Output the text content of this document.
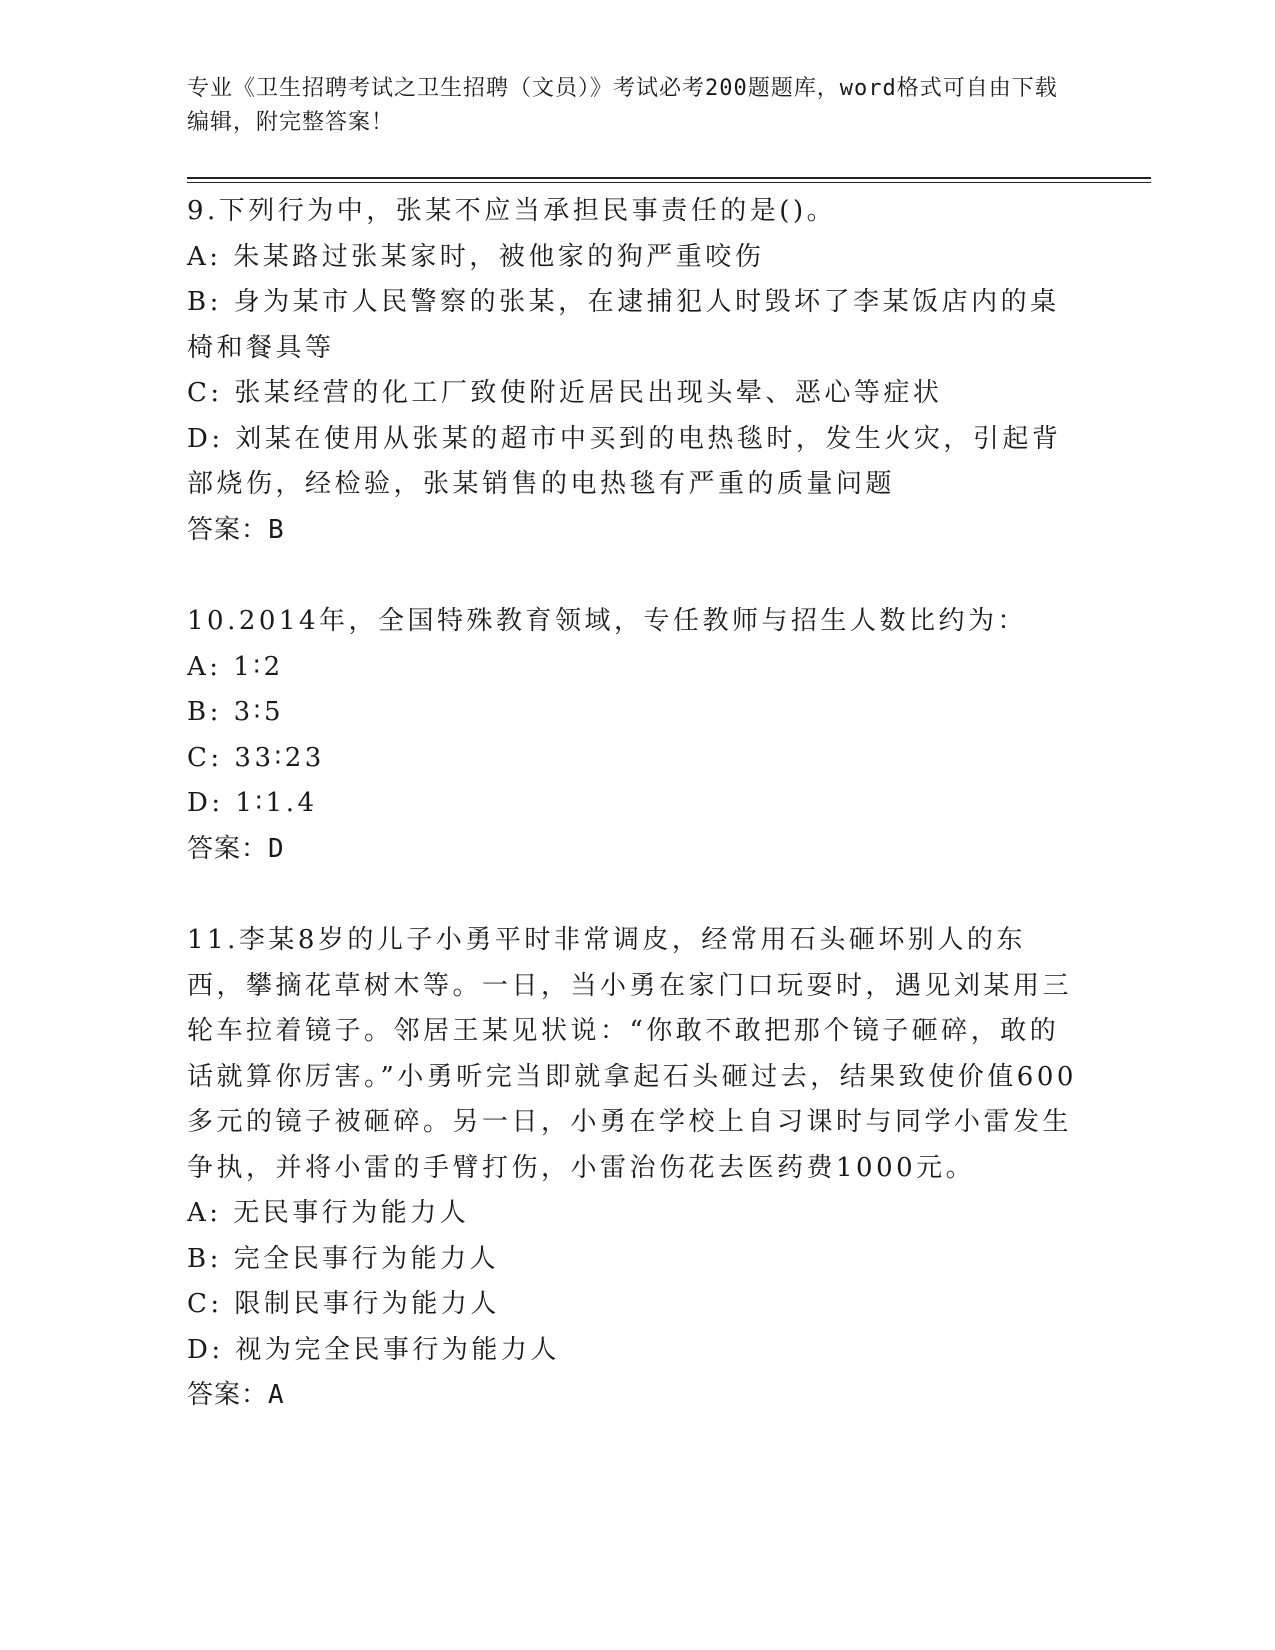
专业《卫生招聘考试之卫生招聘（文员）》考试必考200题题库，word格式可自由下载编辑，附完整答案！
9.下列行为中，张某不应当承担民事责任的是()。
A: 朱某路过张某家时，被他家的狗严重咬伤
B: 身为某市人民警察的张某，在逮捕犯人时毁坏了李某饭店内的桌椅和餐具等
C: 张某经营的化工厂致使附近居民出现头晕、恶心等症状
D: 刘某在使用从张某的超市中买到的电热毯时，发生火灾，引起背部烧伤，经检验，张某销售的电热毯有严重的质量问题
答案：B
10.2014年，全国特殊教育领域，专任教师与招生人数比约为：
A: 1∶2
B: 3∶5
C: 33∶23
D: 1∶1.4
答案：D
11.李某8岁的儿子小勇平时非常调皮，经常用石头砸坏别人的东西，攀摘花草树木等。一日，当小勇在家门口玩耍时，遇见刘某用三轮车拉着镜子。邻居王某见状说：“你敢不敢把那个镜子砸碎，敢的话就算你厉害。”小勇听完当即就拿起石头砸过去，结果致使价值600多元的镜子被砸碎。另一日，小勇在学校上自习课时与同学小雷发生争执，并将小雷的手臂打伤，小雷治伤花去医药费1000元。
A: 无民事行为能力人
B: 完全民事行为能力人
C: 限制民事行为能力人
D: 视为完全民事行为能力人
答案：A
